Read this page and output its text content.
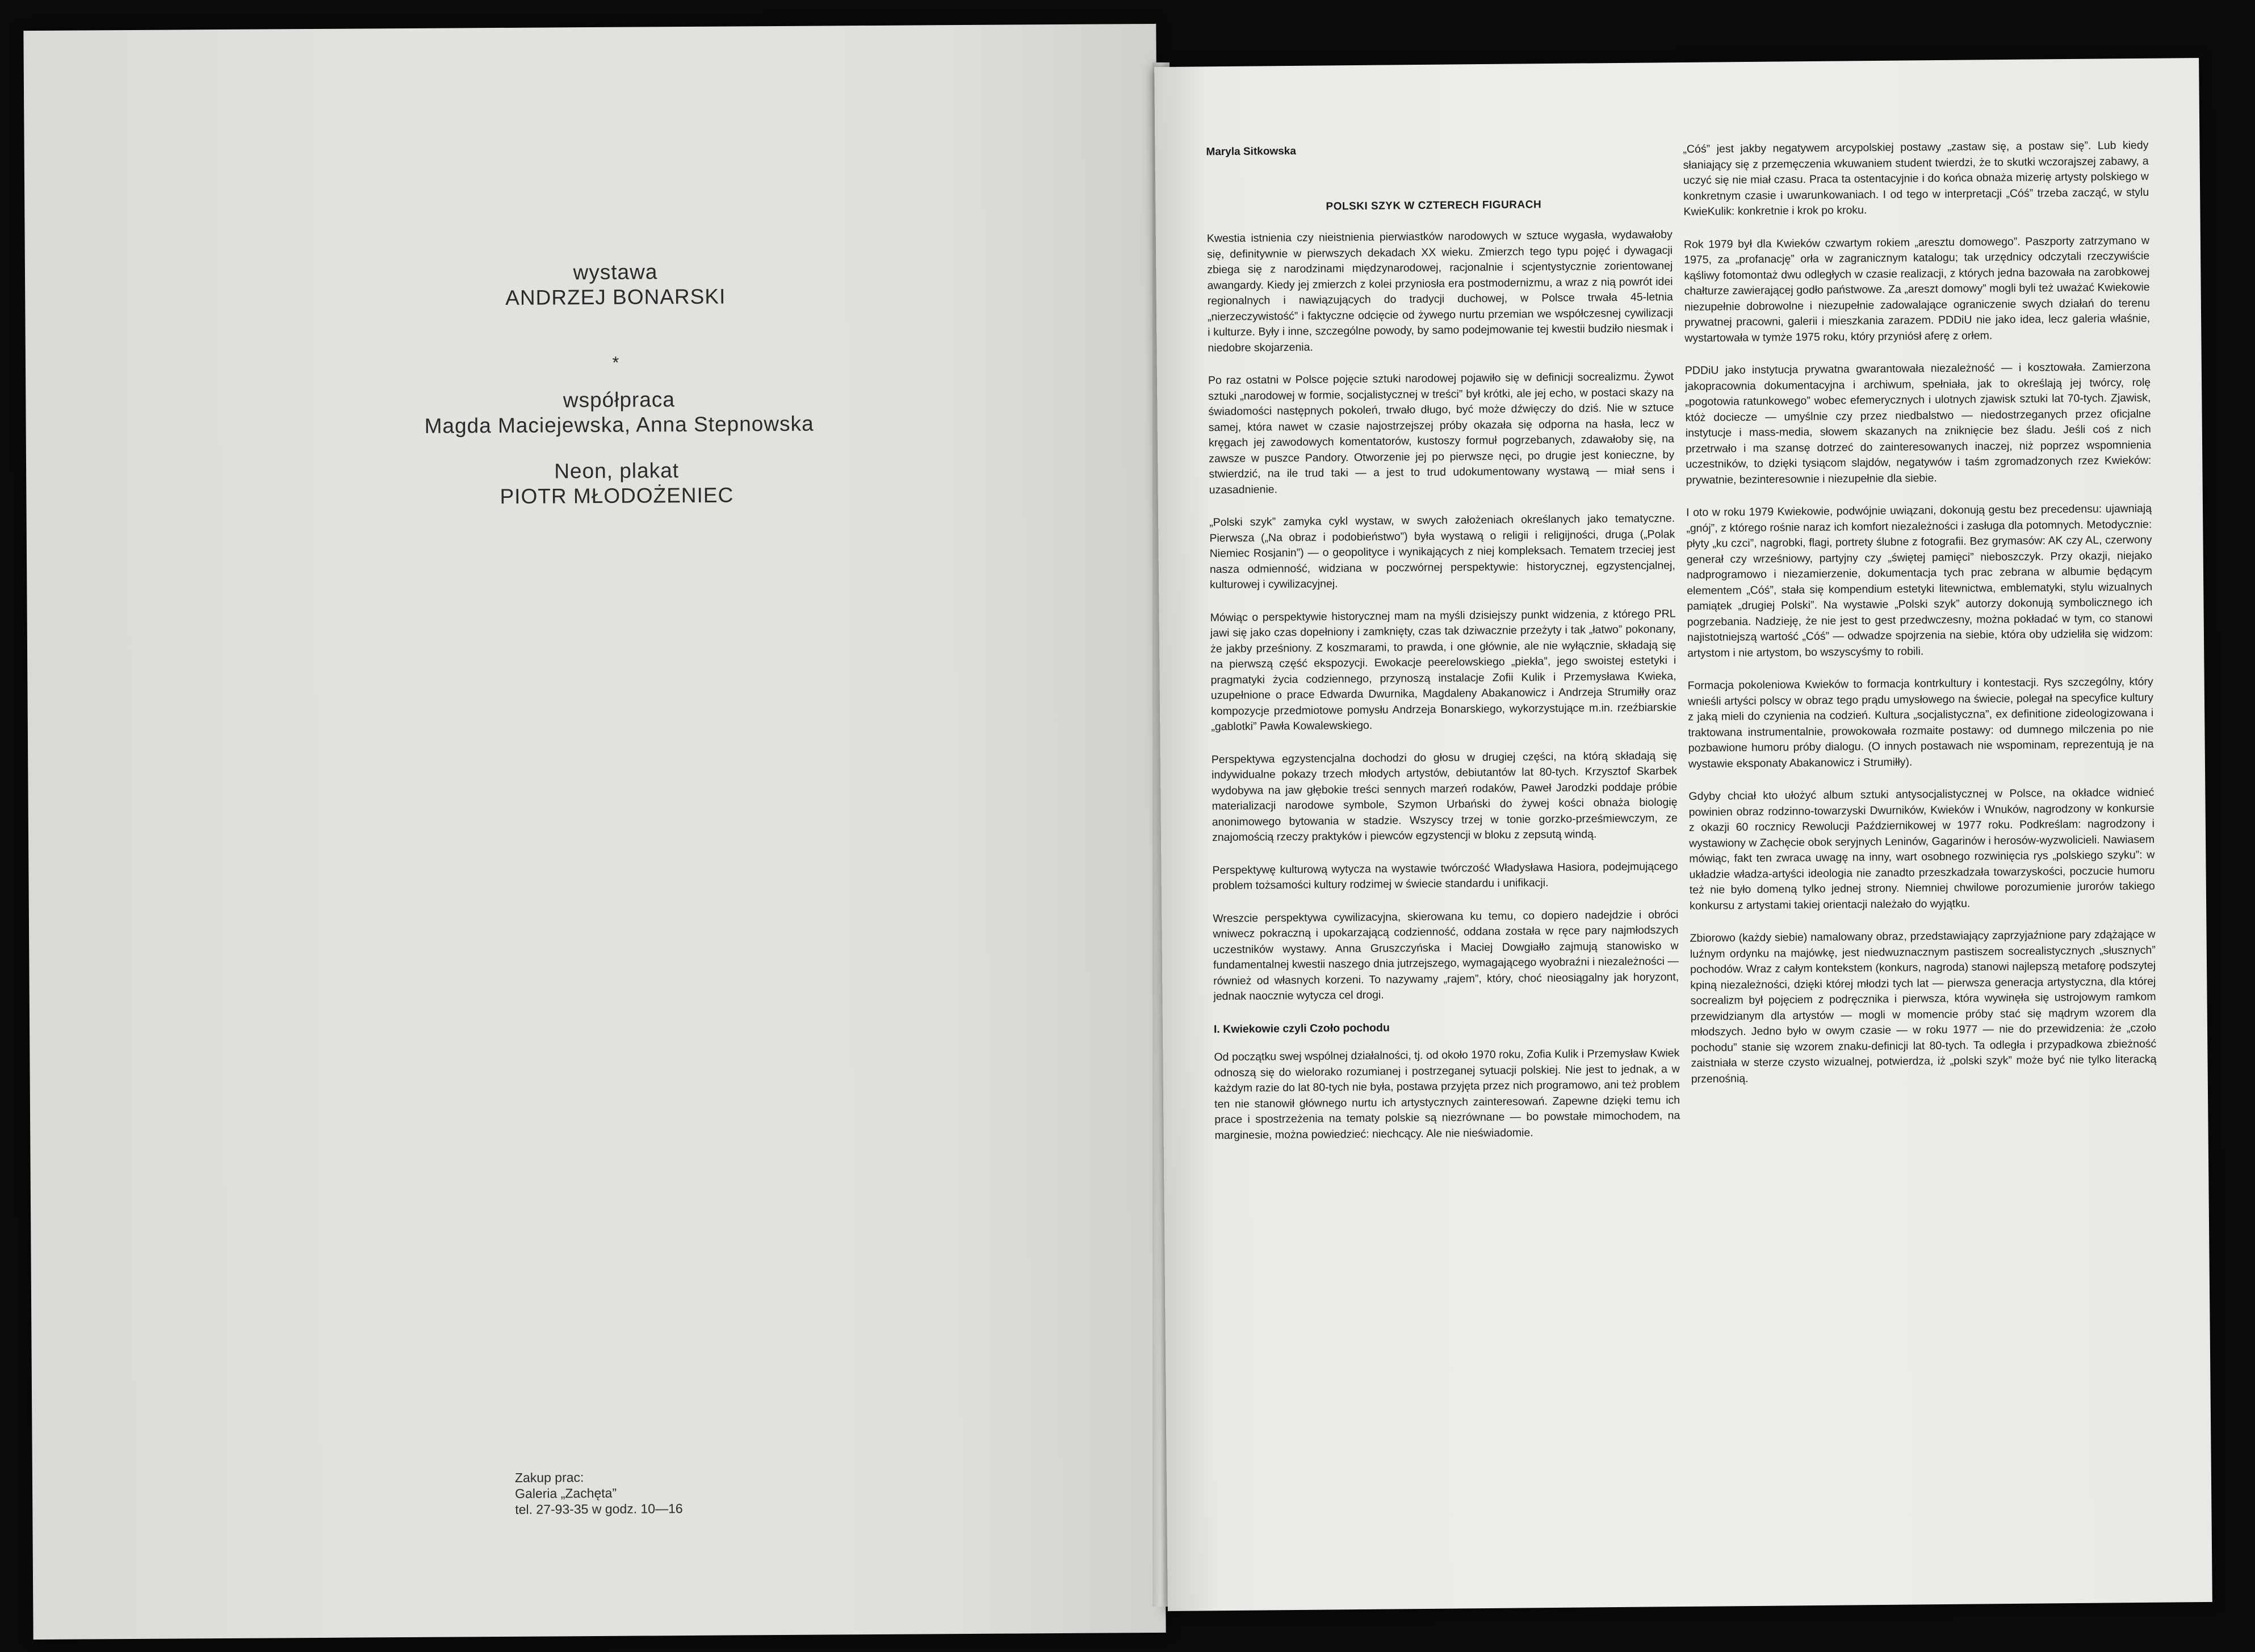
wystawa
ANDRZEJ BONARSKI
*
współpraca
Magda Maciejewska, Anna Stepnowska
Neon, plakat
PIOTR MŁODOŻENIEC
Zakup prac:
Galeria „Zachęta”
tel. 27-93-35 w godz. 10—16
Maryla Sitkowska
POLSKI SZYK W CZTERECH FIGURACH

Kwestia istnienia czy nieistnienia pierwiastków narodowych w sztuce wygasła, wydawałoby się, definitywnie w pierwszych dekadach XX wieku. Zmierzch tego typu pojęć i dywagacji zbiega się z narodzinami międzynarodowej, racjonalnie i scjentystycznie zorientowanej awangardy. Kiedy jej zmierzch z kolei przyniosła era postmodernizmu, a wraz z nią powrót idei regionalnych i nawiązujących do tradycji duchowej, w Polsce trwała 45-letnia „nierzeczywistość” i faktyczne odcięcie od żywego nurtu przemian we współczesnej cywilizacji i kulturze. Były i inne, szczególne powody, by samo podejmowanie tej kwestii budziło niesmak i niedobre skojarzenia.

Po raz ostatni w Polsce pojęcie sztuki narodowej pojawiło się w definicji socrealizmu. Żywot sztuki „narodowej w formie, socjalistycznej w treści” był krótki, ale jej echo, w postaci skazy na świadomości następnych pokoleń, trwało długo, być może dźwięczy do dziś. Nie w sztuce samej, która nawet w czasie najostrzejszej próby okazała się odporna na hasła, lecz w kręgach jej zawodowych komentatorów, kustoszy formuł pogrzebanych, zdawałoby się, na zawsze w puszce Pandory. Otworzenie jej po pierwsze nęci, po drugie jest konieczne, by stwierdzić, na ile trud taki — a jest to trud udokumentowany wystawą — miał sens i uzasadnienie.

„Polski szyk” zamyka cykl wystaw, w swych założeniach określanych jako tematyczne. Pierwsza („Na obraz i podobieństwo”) była wystawą o religii i religijności, druga („Polak Niemiec Rosjanin”) — o geopolityce i wynikających z niej kompleksach. Tematem trzeciej jest nasza odmienność, widziana w poczwórnej perspektywie: historycznej, egzystencjalnej, kulturowej i cywilizacyjnej.

Mówiąc o perspektywie historycznej mam na myśli dzisiejszy punkt widzenia, z którego PRL jawi się jako czas dopełniony i zamknięty, czas tak dziwacznie przeżyty i tak „łatwo” pokonany, że jakby prześniony. Z koszmarami, to prawda, i one głównie, ale nie wyłącznie, składają się na pierwszą część ekspozycji. Ewokacje peerelowskiego „piekła”, jego swoistej estetyki i pragmatyki życia codziennego, przynoszą instalacje Zofii Kulik i Przemysława Kwieka, uzupełnione o prace Edwarda Dwurnika, Magdaleny Abakanowicz i Andrzeja Strumiłły oraz kompozycje przedmiotowe pomysłu Andrzeja Bonarskiego, wykorzystujące m.in. rzeźbiarskie „gablotki” Pawła Kowalewskiego.

Perspektywa egzystencjalna dochodzi do głosu w drugiej części, na którą składają się indywidualne pokazy trzech młodych artystów, debiutantów lat 80-tych. Krzysztof Skarbek wydobywa na jaw głębokie treści sennych marzeń rodaków, Paweł Jarodzki poddaje próbie materializacji narodowe symbole, Szymon Urbański do żywej kości obnaża biologię anonimowego bytowania w stadzie. Wszyscy trzej w tonie gorzko-prześmiewczym, ze znajomością rzeczy praktyków i piewców egzystencji w bloku z zepsutą windą.

Perspektywę kulturową wytycza na wystawie twórczość Władysława Hasiora, podejmującego problem tożsamości kultury rodzimej w świecie standardu i unifikacji.

Wreszcie perspektywa cywilizacyjna, skierowana ku temu, co dopiero nadejdzie i obróci wniwecz pokraczną i upokarzającą codzienność, oddana została w ręce pary najmłodszych uczestników wystawy. Anna Gruszczyńska i Maciej Dowgiałło zajmują stanowisko w fundamentalnej kwestii naszego dnia jutrzejszego, wymagającego wyobraźni i niezależności — również od własnych korzeni. To nazywamy „rajem”, który, choć nieosiągalny jak horyzont, jednak naocznie wytycza cel drogi.

I. Kwiekowie czyli Czoło pochodu

Od początku swej wspólnej działalności, tj. od około 1970 roku, Zofia Kulik i Przemysław Kwiek odnoszą się do wielorako rozumianej i postrzeganej sytuacji polskiej. Nie jest to jednak, a w każdym razie do lat 80-tych nie była, postawa przyjęta przez nich programowo, ani też problem ten nie stanowił głównego nurtu ich artystycznych zainteresowań. Zapewne dzięki temu ich prace i spostrzeżenia na tematy polskie są niezrównane — bo powstałe mimochodem, na marginesie, można powiedzieć: niechcący. Ale nie nieświadomie.

„Cóś” jest jakby negatywem arcypolskiej postawy „zastaw się, a postaw się”. Lub kiedy słaniający się z przemęczenia wkuwaniem student twierdzi, że to skutki wczorajszej zabawy, a uczyć się nie miał czasu. Praca ta ostentacyjnie i do końca obnaża mizerię artysty polskiego w konkretnym czasie i uwarunkowaniach. I od tego w interpretacji „Cóś” trzeba zacząć, w stylu KwieKulik: konkretnie i krok po kroku.

Rok 1979 był dla Kwieków czwartym rokiem „aresztu domowego”. Paszporty zatrzymano w 1975, za „profanację” orła w zagranicznym katalogu; tak urzędnicy odczytali rzeczywiście kąśliwy fotomontaż dwu odległych w czasie realizacji, z których jedna bazowała na zarobkowej chałturze zawierającej godło państwowe. Za „areszt domowy” mogli byli też uważać Kwiekowie niezupełnie dobrowolne i niezupełnie zadowalające ograniczenie swych działań do terenu prywatnej pracowni, galerii i mieszkania zarazem. PDDiU nie jako idea, lecz galeria właśnie, wystartowała w tymże 1975 roku, który przyniósł aferę z orłem.

PDDiU jako instytucja prywatna gwarantowała niezależność — i kosztowała. Zamierzona jakopracownia dokumentacyjna i archiwum, spełniała, jak to określają jej twórcy, rolę „pogotowia ratunkowego” wobec efemerycznych i ulotnych zjawisk sztuki lat 70-tych. Zjawisk, któż dociecze — umyślnie czy przez niedbalstwo — niedostrzeganych przez oficjalne instytucje i mass-media, słowem skazanych na zniknięcie bez śladu. Jeśli coś z nich przetrwało i ma szansę dotrzeć do zainteresowanych inaczej, niż poprzez wspomnienia uczestników, to dzięki tysiącom slajdów, negatywów i taśm zgromadzonych rzez Kwieków: prywatnie, bezinteresownie i niezupełnie dla siebie.

I oto w roku 1979 Kwiekowie, podwójnie uwiązani, dokonują gestu bez precedensu: ujawniają „gnój”, z którego rośnie naraz ich komfort niezależności i zasługa dla potomnych. Metodycznie: płyty „ku czci”, nagrobki, flagi, portrety ślubne z fotografii. Bez grymasów: AK czy AL, czerwony generał czy wrześniowy, partyjny czy „świętej pamięci” nieboszczyk. Przy okazji, niejako nadprogramowo i niezamierzenie, dokumentacja tych prac zebrana w albumie będącym elementem „Cóś”, stała się kompendium estetyki litewnictwa, emblematyki, stylu wizualnych pamiątek „drugiej Polski”. Na wystawie „Polski szyk” autorzy dokonują symbolicznego ich pogrzebania. Nadzieję, że nie jest to gest przedwczesny, można pokładać w tym, co stanowi najistotniejszą wartość „Cóś” — odwadze spojrzenia na siebie, która oby udzieliła się widzom: artystom i nie artystom, bo wszyscyśmy to robili.

Formacja pokoleniowa Kwieków to formacja kontrkultury i kontestacji. Rys szczególny, który wnieśli artyści polscy w obraz tego prądu umysłowego na świecie, polegał na specyfice kultury z jaką mieli do czynienia na codzień. Kultura „socjalistyczna”, ex definitione zideologizowana i traktowana instrumentalnie, prowokowała rozmaite postawy: od dumnego milczenia po nie pozbawione humoru próby dialogu. (O innych postawach nie wspominam, reprezentują je na wystawie eksponaty Abakanowicz i Strumiłły).

Gdyby chciał kto ułożyć album sztuki antysocjalistycznej w Polsce, na okładce widnieć powinien obraz rodzinno-towarzyski Dwurników, Kwieków i Wnuków, nagrodzony w konkursie z okazji 60 rocznicy Rewolucji Październikowej w 1977 roku. Podkreślam: nagrodzony i wystawiony w Zachęcie obok seryjnych Leninów, Gagarinów i herosów-wyzwolicieli. Nawiasem mówiąc, fakt ten zwraca uwagę na inny, wart osobnego rozwinięcia rys „polskiego szyku”: w układzie władza-artyści ideologia nie zanadto przeszkadzała towarzyskości, poczucie humoru też nie było domeną tylko jednej strony. Niemniej chwilowe porozumienie jurorów takiego konkursu z artystami takiej orientacji należało do wyjątku.

Zbiorowo (każdy siebie) namalowany obraz, przedstawiający zaprzyjaźnione pary zdążające w luźnym ordynku na majówkę, jest niedwuznacznym pastiszem socrealistycznych „słusznych” pochodów. Wraz z całym kontekstem (konkurs, nagroda) stanowi najlepszą metaforę podszytej kpiną niezależności, dzięki której młodzi tych lat — pierwsza generacja artystyczna, dla której socrealizm był pojęciem z podręcznika i pierwsza, która wywinęła się ustrojowym ramkom przewidzianym dla artystów — mogli w momencie próby stać się mądrym wzorem dla młodszych. Jedno było w owym czasie — w roku 1977 — nie do przewidzenia: że „czoło pochodu” stanie się wzorem znaku-definicji lat 80-tych. Ta odległa i przypadkowa zbieżność zaistniała w sterze czysto wizualnej, potwierdza, iż „polski szyk” może być nie tylko literacką przenośnią.
